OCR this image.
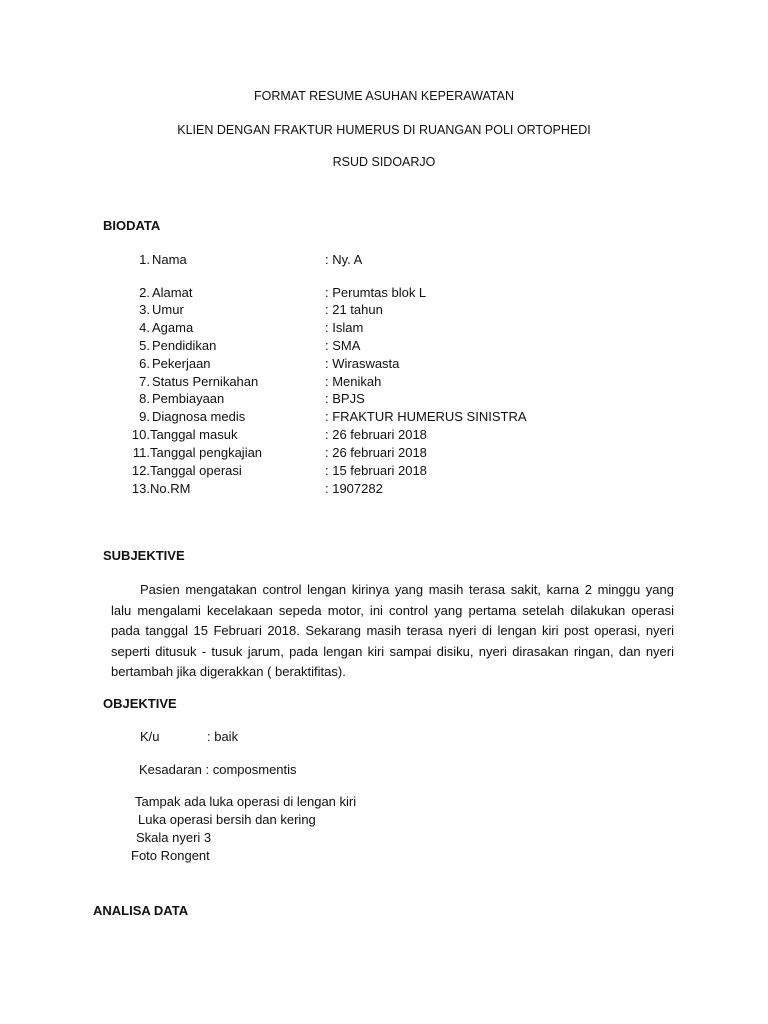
FORMAT RESUME ASUHAN KEPERAWATAN
KLIEN DENGAN FRAKTUR HUMERUS DI RUANGAN POLI ORTOPHEDI
RSUD SIDOARJO
BIODATA
1. Nama	: Ny. A
2. Alamat	: Perumtas blok L
3. Umur	: 21 tahun
4. Agama	: Islam
5. Pendidikan	: SMA
6. Pekerjaan	: Wiraswasta
7. Status Pernikahan	: Menikah
8. Pembiayaan	: BPJS
9. Diagnosa medis	: FRAKTUR HUMERUS SINISTRA
10. Tanggal masuk	: 26 februari 2018
11. Tanggal pengkajian	: 26 februari 2018
12. Tanggal operasi	: 15 februari 2018
13. No.RM	: 1907282
SUBJEKTIVE
Pasien mengatakan control lengan kirinya yang masih terasa sakit, karna 2 minggu yang lalu mengalami kecelakaan sepeda motor, ini control yang pertama setelah dilakukan operasi pada tanggal 15 Februari 2018. Sekarang masih terasa nyeri di lengan kiri post operasi, nyeri seperti ditusuk - tusuk jarum, pada lengan kiri sampai disiku, nyeri dirasakan ringan, dan nyeri bertambah jika digerakkan ( beraktifitas).
OBJEKTIVE
K/u	: baik
Kesadaran : composmentis
Tampak ada luka operasi di lengan kiri
Luka operasi bersih dan kering
Skala nyeri 3
Foto Rongent
ANALISA DATA
